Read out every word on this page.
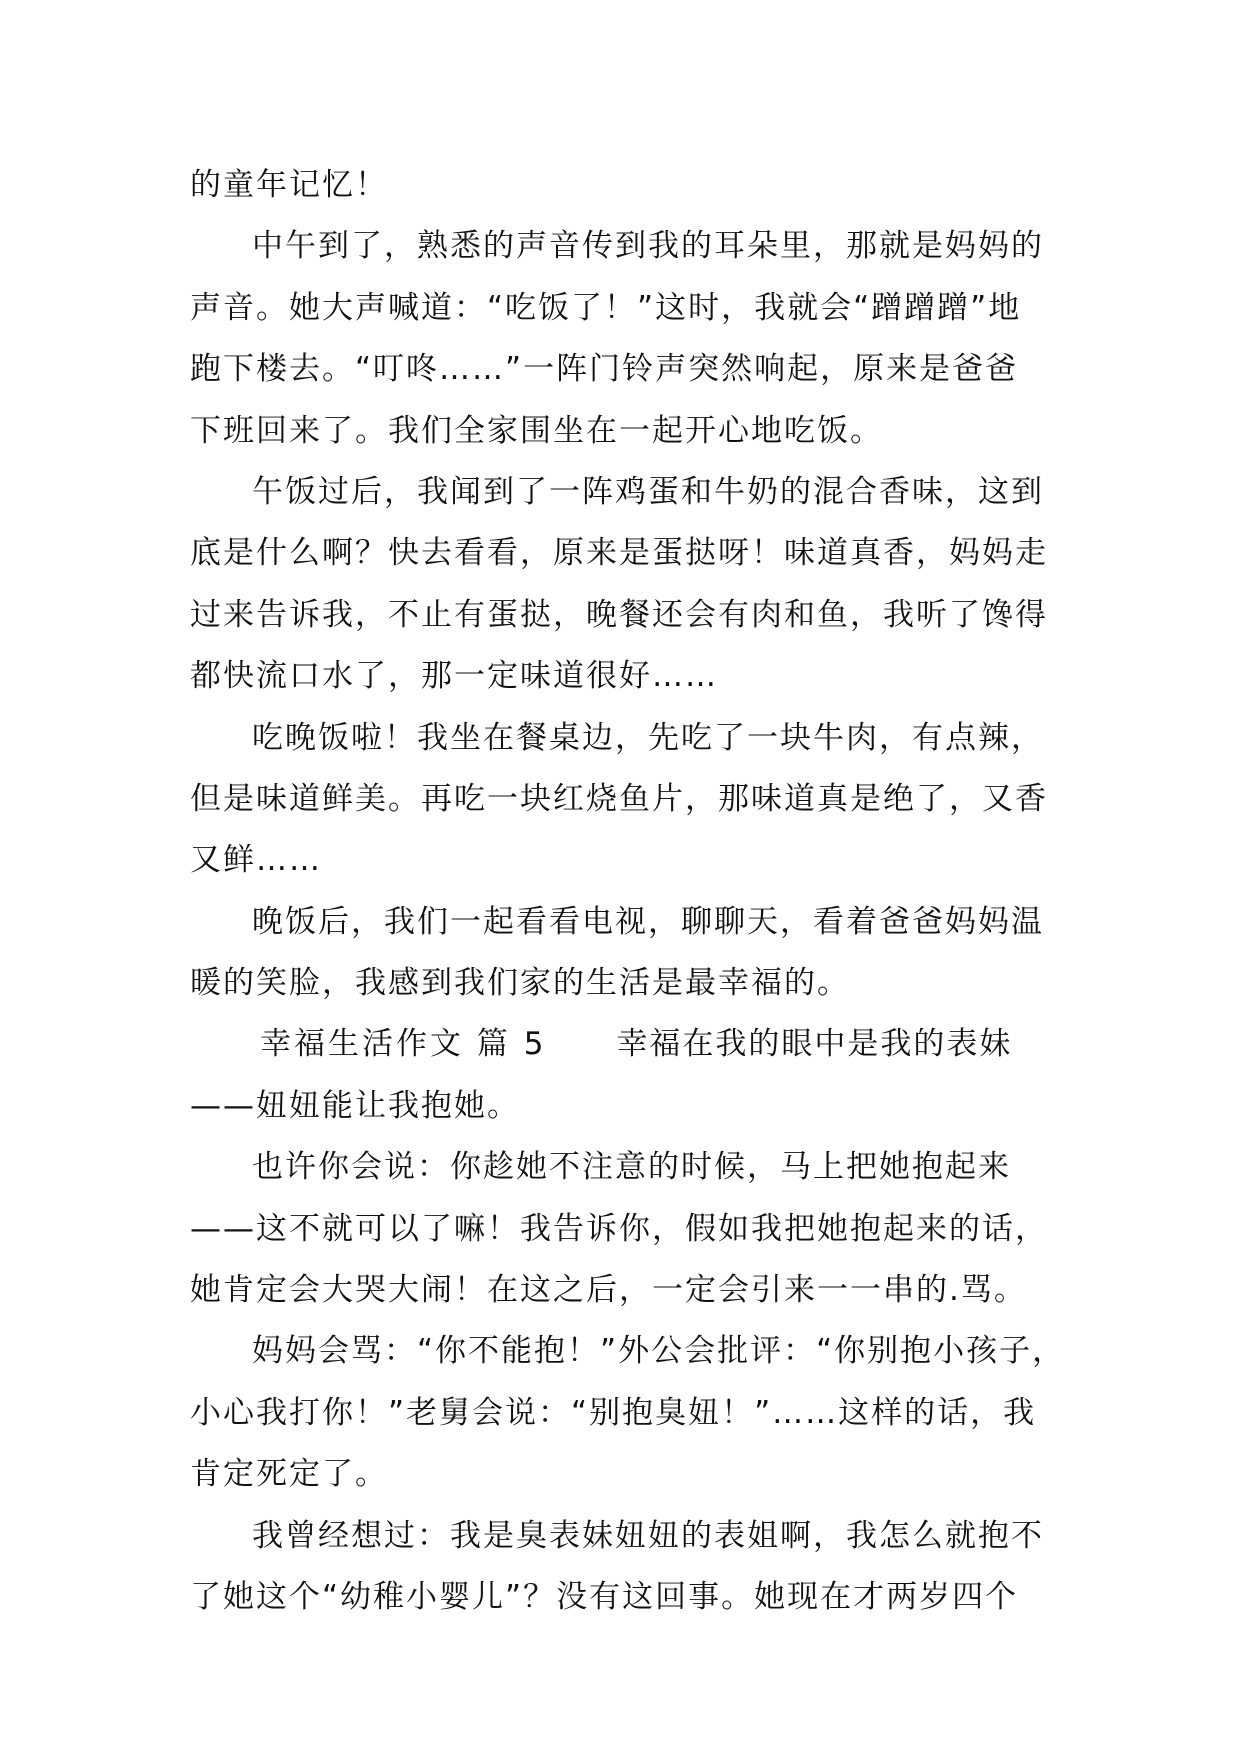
的童年记忆！
中午到了，熟悉的声音传到我的耳朵里，那就是妈妈的
声音。她大声喊道：“吃饭了！”这时，我就会“蹭蹭蹭”地
跑下楼去。“叮咚……”一阵门铃声突然响起，原来是爸爸
下班回来了。我们全家围坐在一起开心地吃饭。
午饭过后，我闻到了一阵鸡蛋和牛奶的混合香味，这到
底是什么啊？快去看看，原来是蛋挞呀！味道真香，妈妈走
过来告诉我，不止有蛋挞，晚餐还会有肉和鱼，我听了馋得
都快流口水了，那一定味道很好……
吃晚饭啦！我坐在餐桌边，先吃了一块牛肉，有点辣，
但是味道鲜美。再吃一块红烧鱼片，那味道真是绝了，又香
又鲜……
晚饭后，我们一起看看电视，聊聊天，看着爸爸妈妈温
暖的笑脸，我感到我们家的生活是最幸福的。
幸福生活作文 篇 5 幸福在我的眼中是我的表妹
——妞妞能让我抱她。
也许你会说：你趁她不注意的时候，马上把她抱起来
——这不就可以了嘛！我告诉你，假如我把她抱起来的话，
她肯定会大哭大闹！在这之后，一定会引来一一串的.骂。
妈妈会骂：“你不能抱！”外公会批评：“你别抱小孩子，
小心我打你！”老舅会说：“别抱臭妞！”……这样的话，我
肯定死定了。
我曾经想过：我是臭表妹妞妞的表姐啊，我怎么就抱不
了她这个“幼稚小婴儿”？没有这回事。她现在才两岁四个
